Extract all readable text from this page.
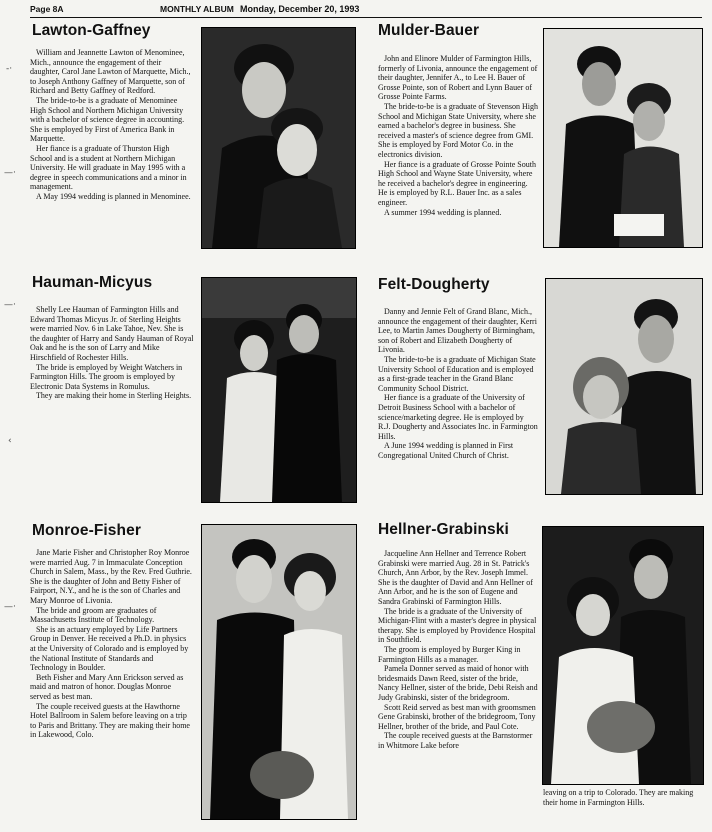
Page 8A	MONTHLY ALBUM Monday, December 20, 1993
-·
—·
—·
‹
—·
Lawton-Gaffney

William and Jeannette Lawton of Menominee, Mich., announce the engagement of their daughter, Carol Jane Lawton of Marquette, Mich., to Joseph Anthony Gaffney of Marquette, son of Richard and Betty Gaffney of Redford.

The bride-to-be is a graduate of Menominee High School and Northern Michigan University with a bachelor of science degree in accounting. She is employed by First of America Bank in Marquette.

Her fiance is a graduate of Thurston High School and is a student at Northern Michigan University. He will graduate in May 1995 with a degree in speech communications and a minor in management.

A May 1994 wedding is planned in Menominee.

Mulder-Bauer

John and Elinore Mulder of Farmington Hills, formerly of Livonia, announce the engagement of their daughter, Jennifer A., to Lee H. Bauer of Grosse Pointe, son of Robert and Lynn Bauer of Grosse Pointe Farms.

The bride-to-be is a graduate of Stevenson High School and Michigan State University, where she earned a bachelor's degree in business. She received a master's of science degree from GMI. She is employed by Ford Motor Co. in the electronics division.

Her fiance is a graduate of Grosse Pointe South High School and Wayne State University, where he received a bachelor's degree in engineering. He is employed by R.L. Bauer Inc. as a sales engineer.

A summer 1994 wedding is planned.

Hauman-Micyus

Shelly Lee Hauman of Farmington Hills and Edward Thomas Micyus Jr. of Sterling Heights were married Nov. 6 in Lake Tahoe, Nev. She is the daughter of Harry and Sandy Hauman of Royal Oak and he is the son of Larry and Mike Hirschfield of Rochester Hills.

The bride is employed by Weight Watchers in Farmington Hills. The groom is employed by Electronic Data Systems in Romulus.

They are making their home in Sterling Heights.

Felt-Dougherty

Danny and Jennie Felt of Grand Blanc, Mich., announce the engagement of their daughter, Kerri Lee, to Martin James Dougherty of Birmingham, son of Robert and Elizabeth Dougherty of Livonia.

The bride-to-be is a graduate of Michigan State University School of Education and is employed as a first-grade teacher in the Grand Blanc Community School District.

Her fiance is a graduate of the University of Detroit Business School with a bachelor of science/marketing degree. He is employed by R.J. Dougherty and Associates Inc. in Farmington Hills.

A June 1994 wedding is planned in First Congregational United Church of Christ.

Monroe-Fisher

Jane Marie Fisher and Christopher Roy Monroe were married Aug. 7 in Immaculate Conception Church in Salem, Mass., by the Rev. Fred Guthrie. She is the daughter of John and Betty Fisher of Fairport, N.Y., and he is the son of Charles and Mary Monroe of Livonia.

The bride and groom are graduates of Massachusetts Institute of Technology.

She is an actuary employed by Life Partners Group in Denver. He received a Ph.D. in physics at the University of Colorado and is employed by the National Institute of Standards and Technology in Boulder.

Beth Fisher and Mary Ann Erickson served as maid and matron of honor. Douglas Monroe served as best man.

The couple received guests at the Hawthorne Hotel Ballroom in Salem before leaving on a trip to Paris and Brittany. They are making their home in Lakewood, Colo.

Hellner-Grabinski

Jacqueline Ann Hellner and Terrence Robert Grabinski were married Aug. 28 in St. Patrick's Church, Ann Arbor, by the Rev. Joseph Immel. She is the daughter of David and Ann Hellner of Ann Arbor, and he is the son of Eugene and Sandra Grabinski of Farmington Hills.

The bride is a graduate of the University of Michigan-Flint with a master's degree in physical therapy. She is employed by Providence Hospital in Southfield.

The groom is employed by Burger King in Farmington Hills as a manager.

Pamela Donner served as maid of honor with bridesmaids Dawn Reed, sister of the bride, Nancy Hellner, sister of the bride, Debi Reish and Judy Grabinski, sister of the bridegroom.

Scott Reid served as best man with groomsmen Gene Grabinski, brother of the bridegroom, Tony Hellner, brother of the bride, and Paul Cote.

The couple received guests at the Barnstormer in Whitmore Lake before

leaving on a trip to Colorado. They are making their home in Farmington Hills.
